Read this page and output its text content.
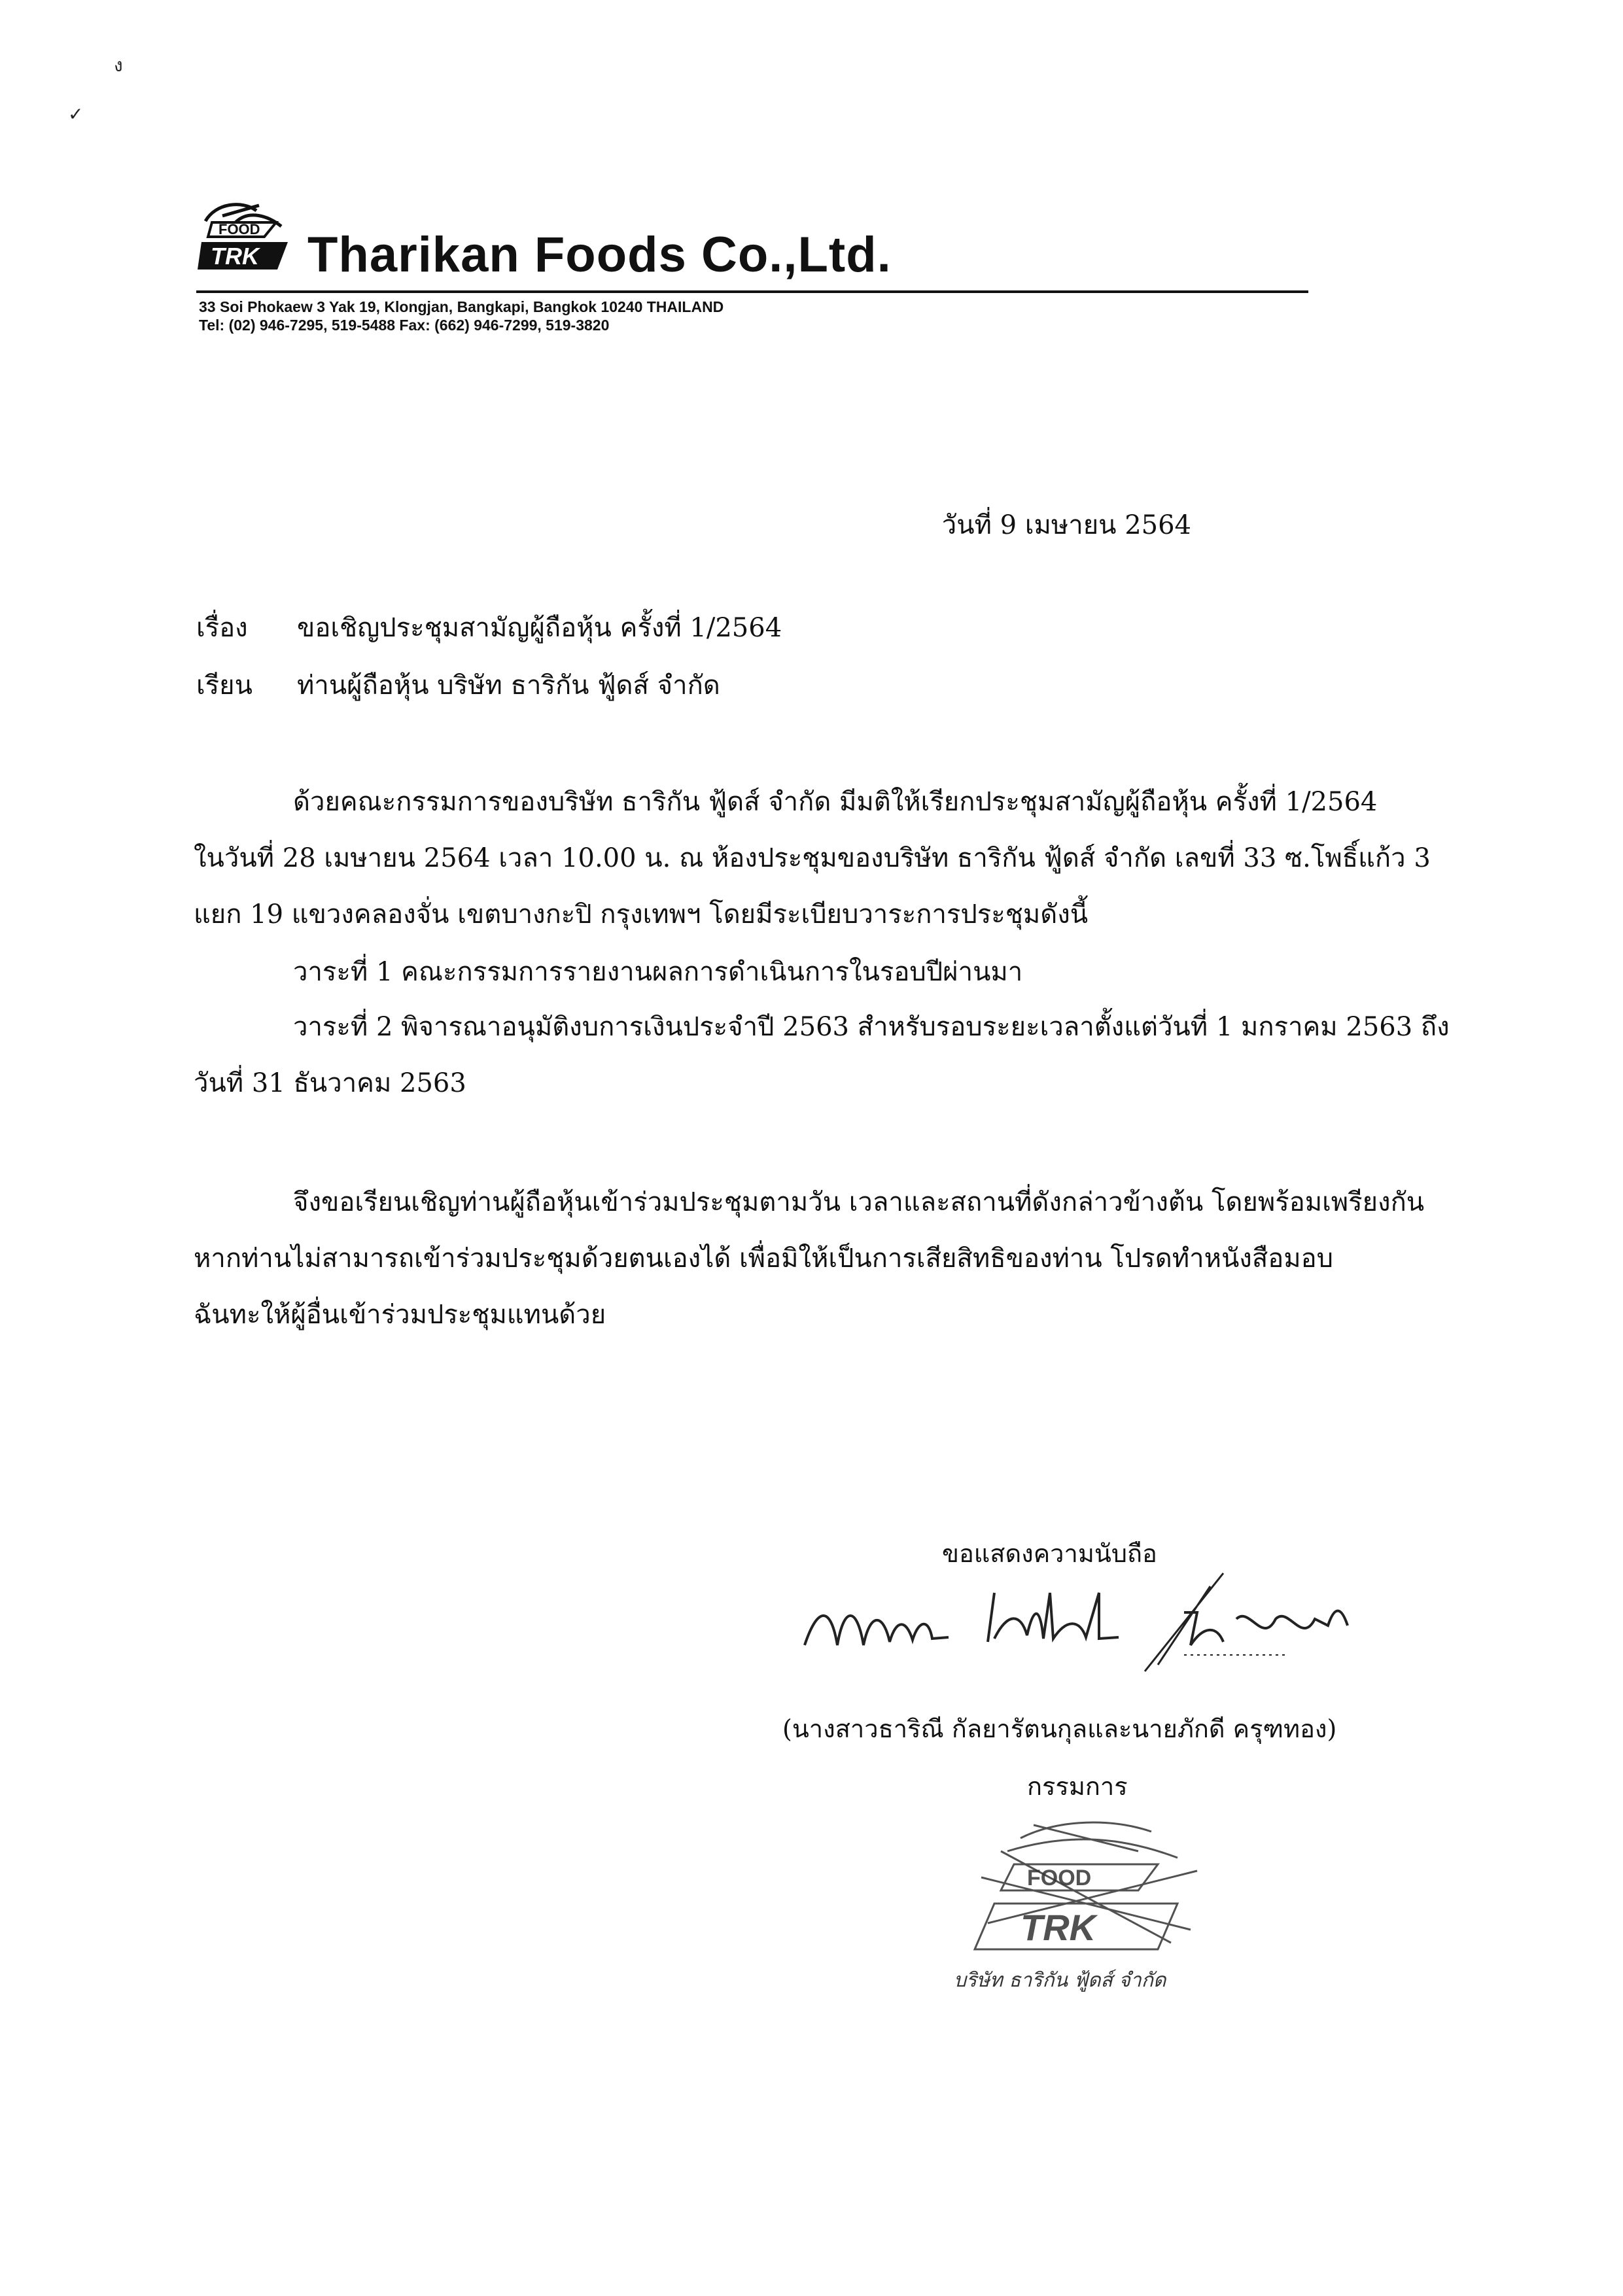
ง
✓
FOOD
TRK Tharikan Foods Co.,Ltd.
33 Soi Phokaew 3 Yak 19, Klongjan, Bangkapi, Bangkok 10240 THAILAND
Tel: (02) 946-7295, 519-5488 Fax: (662) 946-7299, 519-3820
วันที่ 9 เมษายน 2564
เรื่อง ขอเชิญประชุมสามัญผู้ถือหุ้น ครั้งที่ 1/2564
เรียน ท่านผู้ถือหุ้น บริษัท ธาริกัน ฟู้ดส์ จำกัด
ด้วยคณะกรรมการของบริษัท ธาริกัน ฟู้ดส์ จำกัด มีมติให้เรียกประชุมสามัญผู้ถือหุ้น ครั้งที่ 1/2564
ในวันที่ 28 เมษายน 2564 เวลา 10.00 น. ณ ห้องประชุมของบริษัท ธาริกัน ฟู้ดส์ จำกัด เลขที่ 33 ซ.โพธิ์แก้ว 3
แยก 19 แขวงคลองจั่น เขตบางกะปิ กรุงเทพฯ โดยมีระเบียบวาระการประชุมดังนี้
วาระที่ 1 คณะกรรมการรายงานผลการดำเนินการในรอบปีผ่านมา
วาระที่ 2 พิจารณาอนุมัติงบการเงินประจำปี 2563 สำหรับรอบระยะเวลาตั้งแต่วันที่ 1 มกราคม 2563 ถึง
วันที่ 31 ธันวาคม 2563
จึงขอเรียนเชิญท่านผู้ถือหุ้นเข้าร่วมประชุมตามวัน เวลาและสถานที่ดังกล่าวข้างต้น โดยพร้อมเพรียงกัน
หากท่านไม่สามารถเข้าร่วมประชุมด้วยตนเองได้ เพื่อมิให้เป็นการเสียสิทธิของท่าน โปรดทำหนังสือมอบ
ฉันทะให้ผู้อื่นเข้าร่วมประชุมแทนด้วย
ขอแสดงความนับถือ
(นางสาวธาริณี กัลยารัตนกุลและนายภักดี ครุฑทอง)
กรรมการ
FOOD
TRK
บริษัท ธาริกัน ฟู้ดส์ จำกัด
